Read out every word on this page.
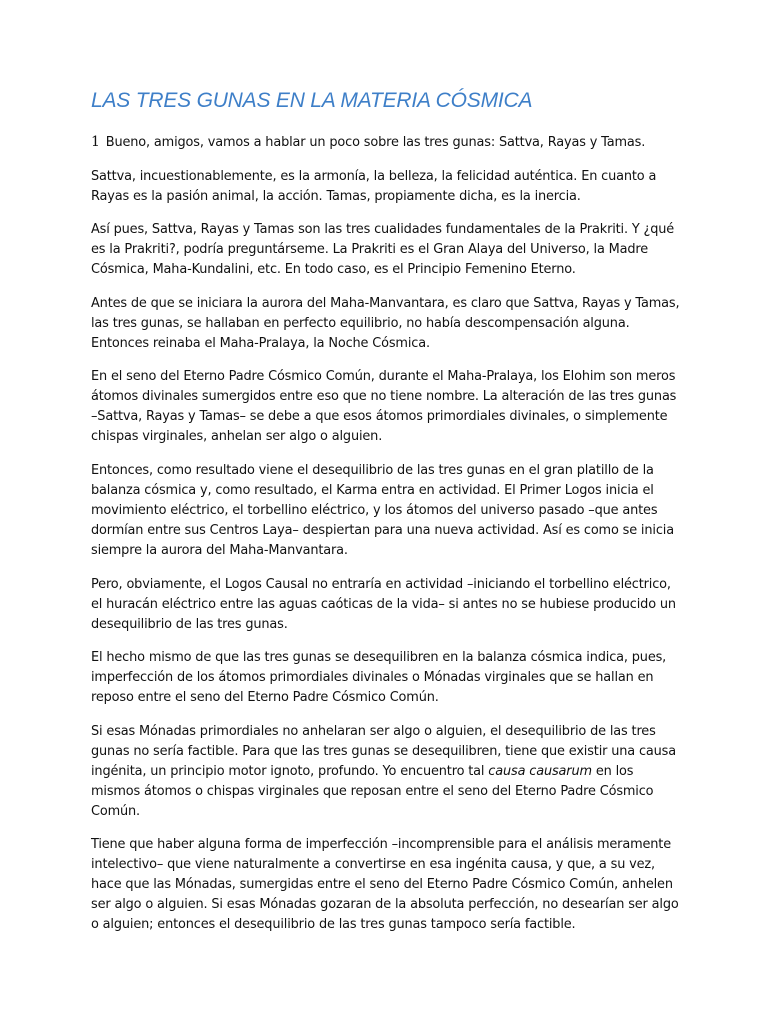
LAS TRES GUNAS EN LA MATERIA CÓSMICA

1 Bueno, amigos, vamos a hablar un poco sobre las tres gunas: Sattva, Rayas y Tamas.

Sattva, incuestionablemente, es la armonía, la belleza, la felicidad auténtica. En cuanto a Rayas es la pasión animal, la acción. Tamas, propiamente dicha, es la inercia.

Así pues, Sattva, Rayas y Tamas son las tres cualidades fundamentales de la Prakriti. Y ¿qué es la Prakriti?, podría preguntárseme. La Prakriti es el Gran Alaya del Universo, la Madre Cósmica, Maha-Kundalini, etc. En todo caso, es el Principio Femenino Eterno.

Antes de que se iniciara la aurora del Maha-Manvantara, es claro que Sattva, Rayas y Tamas, las tres gunas, se hallaban en perfecto equilibrio, no había descompensación alguna. Entonces reinaba el Maha-Pralaya, la Noche Cósmica.

En el seno del Eterno Padre Cósmico Común, durante el Maha-Pralaya, los Elohim son meros átomos divinales sumergidos entre eso que no tiene nombre. La alteración de las tres gunas –Sattva, Rayas y Tamas– se debe a que esos átomos primordiales divinales, o simplemente chispas virginales, anhelan ser algo o alguien.

Entonces, como resultado viene el desequilibrio de las tres gunas en el gran platillo de la balanza cósmica y, como resultado, el Karma entra en actividad. El Primer Logos inicia el movimiento eléctrico, el torbellino eléctrico, y los átomos del universo pasado –que antes dormían entre sus Centros Laya– despiertan para una nueva actividad. Así es como se inicia siempre la aurora del Maha-Manvantara.

Pero, obviamente, el Logos Causal no entraría en actividad –iniciando el torbellino eléctrico, el huracán eléctrico entre las aguas caóticas de la vida– si antes no se hubiese producido un desequilibrio de las tres gunas.

El hecho mismo de que las tres gunas se desequilibren en la balanza cósmica indica, pues, imperfección de los átomos primordiales divinales o Mónadas virginales que se hallan en reposo entre el seno del Eterno Padre Cósmico Común.

Si esas Mónadas primordiales no anhelaran ser algo o alguien, el desequilibrio de las tres gunas no sería factible. Para que las tres gunas se desequilibren, tiene que existir una causa ingénita, un principio motor ignoto, profundo. Yo encuentro tal causa causarum en los mismos átomos o chispas virginales que reposan entre el seno del Eterno Padre Cósmico Común.

Tiene que haber alguna forma de imperfección –incomprensible para el análisis meramente intelectivo– que viene naturalmente a convertirse en esa ingénita causa, y que, a su vez, hace que las Mónadas, sumergidas entre el seno del Eterno Padre Cósmico Común, anhelen ser algo o alguien. Si esas Mónadas gozaran de la absoluta perfección, no desearían ser algo o alguien; entonces el desequilibrio de las tres gunas tampoco sería factible.
